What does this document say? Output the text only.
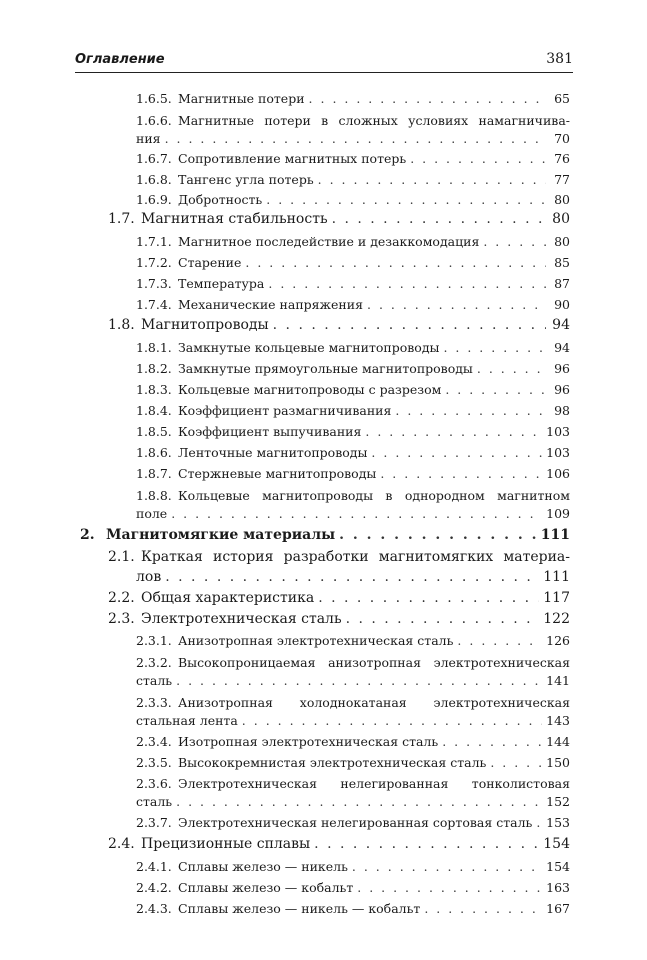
Оглавление	381
1.6.5. Магнитные потери . . .	65
1.6.6. Магнитные потери в сложных условиях намагничива-
ния . . .	70
1.6.7. Сопротивление магнитных потерь . . .	76
1.6.8. Тангенс угла потерь . . .	77
1.6.9. Добротность . . .	80
1.7. Магнитная стабильность . . .	80
1.7.1. Магнитное последействие и дезаккомодация . . .	80
1.7.2. Старение . . .	85
1.7.3. Температура . . .	87
1.7.4. Механические напряжения . . .	90
1.8. Магнитопроводы . . .	94
1.8.1. Замкнутые кольцевые магнитопроводы . . .	94
1.8.2. Замкнутые прямоугольные магнитопроводы . . .	96
1.8.3. Кольцевые магнитопроводы с разрезом . . .	96
1.8.4. Коэффициент размагничивания . . .	98
1.8.5. Коэффициент выпучивания . . .	103
1.8.6. Ленточные магнитопроводы . . .	103
1.8.7. Стержневые магнитопроводы . . .	106
1.8.8. Кольцевые магнитопроводы в однородном магнитном
поле . . .	109
2. Магнитомягкие материалы . . .	111
2.1. Краткая история разработки магнитомягких материа-
лов . . .	111
2.2. Общая характеристика . . .	117
2.3. Электротехническая сталь . . .	122
2.3.1. Анизотропная электротехническая сталь . . .	126
2.3.2. Высокопроницаемая анизотропная электротехническая
сталь . . .	141
2.3.3. Анизотропная холоднокатаная электротехническая
стальная лента . . .	143
2.3.4. Изотропная электротехническая сталь . . .	144
2.3.5. Высококремнистая электротехническая сталь . . .	150
2.3.6. Электротехническая нелегированная тонколистовая
сталь . . .	152
2.3.7. Электротехническая нелегированная сортовая сталь . . . 153
2.4. Прецизионные сплавы . . .	154
2.4.1. Сплавы железо — никель . . .	154
2.4.2. Сплавы железо — кобальт . . .	163
2.4.3. Сплавы железо — никель — кобальт . . .	167
